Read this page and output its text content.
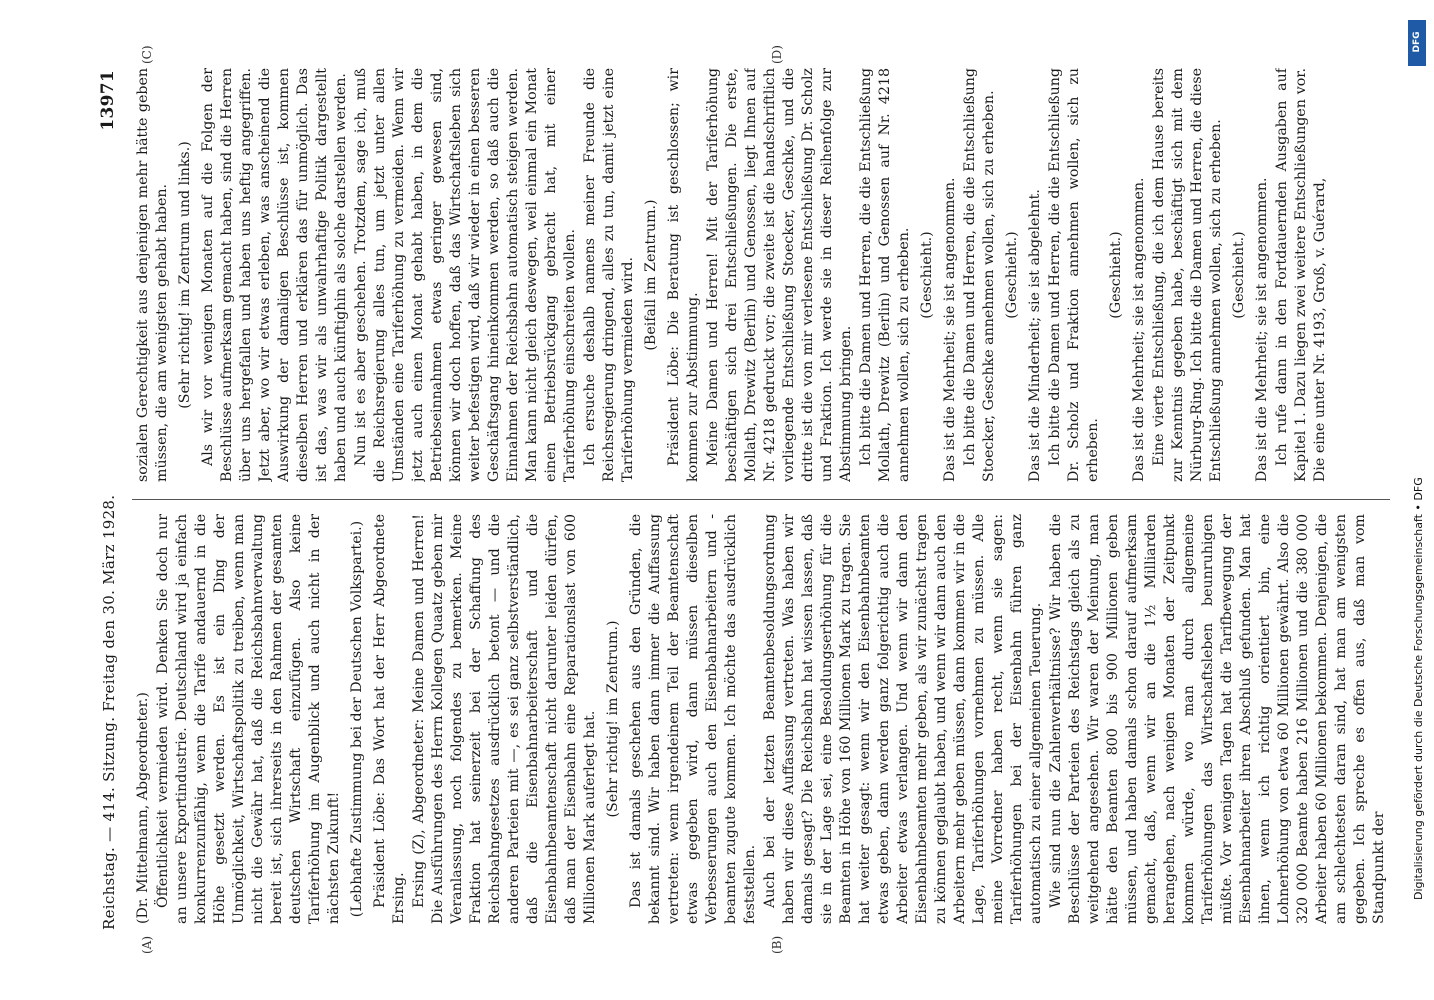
Reichstag. — 414. Sitzung. Freitag den 30. März 1928.
13971
(A)	(B)
(C)	(D)

(Dr. Mittelmann, Abgeordneter.) Öffentlichkeit vermieden wird. Denken Sie doch nur an unsere Exportindustrie. Deutschland wird ja einfach konkurrenzunfähig, wenn die Tarife andauernd in die Höhe gesetzt werden. Es ist ein Ding der Unmöglichkeit, Wirtschaftspolitik zu treiben, wenn man nicht die Gewähr hat, daß die Reichsbahnverwaltung bereit ist, sich ihrerseits in den Rahmen der gesamten deutschen Wirtschaft einzufügen. Also keine Tariferhöhung im Augenblick und auch nicht in der nächsten Zukunft! (Lebhafte Zustimmung bei der Deutschen Volkspartei.) Präsident Löbe: Das Wort hat der Herr Abgeordnete Ersing. Ersing (Z), Abgeordneter: Meine Damen und Herren! Die Ausführungen des Herrn Kollegen Quaatz geben mir Veranlassung, noch folgendes zu bemerken. Meine Fraktion hat seinerzeit bei der Schaffung des Reichsbahngesetzes ausdrücklich betont — und die anderen Parteien mit —, es sei ganz selbstverständlich, daß die Eisenbahnarbeiterschaft und die Eisenbahnbeamtenschaft nicht darunter leiden dürfen, daß man der Eisenbahn eine Reparationslast von 600 Millionen Mark auferlegt hat. (Sehr richtig! im Zentrum.) Das ist damals geschehen aus den Gründen, die bekannt sind. Wir haben dann immer die Auffassung vertreten: wenn irgendeinem Teil der Beamtenschaft etwas gegeben wird, dann müssen dieselben Verbesserungen auch den Eisenbahnarbeitern und -beamten zugute kommen. Ich möchte das ausdrücklich feststellen. Auch bei der letzten Beamtenbesoldungsordnung haben wir diese Auffassung vertreten. Was haben wir damals gesagt? Die Reichsbahn hat wissen lassen, daß sie in der Lage sei, eine Besoldungserhöhung für die Beamten in Höhe von 160 Millionen Mark zu tragen. Sie hat weiter gesagt: wenn wir den Eisenbahnbeamten etwas geben, dann werden ganz folgerichtig auch die Arbeiter etwas verlangen. Und wenn wir dann den Eisenbahnbeamten mehr geben, als wir zunächst tragen zu können geglaubt haben, und wenn wir dann auch den Arbeitern mehr geben müssen, dann kommen wir in die Lage, Tariferhöhungen vornehmen zu müssen. Alle meine Vorredner haben recht, wenn sie sagen: Tariferhöhungen bei der Eisenbahn führen ganz automatisch zu einer allgemeinen Teuerung. Wie sind nun die Zahlenverhältnisse? Wir haben die Beschlüsse der Parteien des Reichstags gleich als zu weitgehend angesehen. Wir waren der Meinung, man hätte den Beamten 800 bis 900 Millionen geben müssen, und haben damals schon darauf aufmerksam gemacht, daß, wenn wir an die 1½ Milliarden herangehen, nach wenigen Monaten der Zeitpunkt kommen würde, wo man durch allgemeine Tariferhöhungen das Wirtschaftsleben beunruhigen müßte. Vor wenigen Tagen hat die Tarifbewegung der Eisenbahnarbeiter ihren Abschluß gefunden. Man hat ihnen, wenn ich richtig orientiert bin, eine Lohnerhöhung von etwa 60 Millionen gewährt. Also die 320 000 Beamte haben 216 Millionen und die 380 000 Arbeiter haben 60 Millionen bekommen. Denjenigen, die am schlechtesten daran sind, hat man am wenigsten gegeben. Ich spreche es offen aus, daß man vom Standpunkt der

sozialen Gerechtigkeit aus denjenigen mehr hätte geben müssen, die am wenigsten gehabt haben. (Sehr richtig! im Zentrum und links.) Als wir vor wenigen Monaten auf die Folgen der Beschlüsse aufmerksam gemacht haben, sind die Herren über uns hergefallen und haben uns heftig angegriffen. Jetzt aber, wo wir etwas erleben, was anscheinend die Auswirkung der damaligen Beschlüsse ist, kommen dieselben Herren und erklären das für unmöglich. Das ist das, was wir als unwahrhaftige Politik dargestellt haben und auch künftighin als solche darstellen werden. Nun ist es aber geschehen. Trotzdem, sage ich, muß die Reichsregierung alles tun, um jetzt unter allen Umständen eine Tariferhöhung zu vermeiden. Wenn wir jetzt auch einen Monat gehabt haben, in dem die Betriebseinnahmen etwas geringer gewesen sind, können wir doch hoffen, daß das Wirtschaftsleben sich weiter befestigen wird, daß wir wieder in einen besseren Geschäftsgang hineinkommen werden, so daß auch die Einnahmen der Reichsbahn automatisch steigen werden. Man kann nicht gleich deswegen, weil einmal ein Monat einen Betriebsrückgang gebracht hat, mit einer Tariferhöhung einschreiten wollen. Ich ersuche deshalb namens meiner Freunde die Reichsregierung dringend, alles zu tun, damit jetzt eine Tariferhöhung vermieden wird. (Beifall im Zentrum.) Präsident Löbe: Die Beratung ist geschlossen; wir kommen zur Abstimmung. Meine Damen und Herren! Mit der Tariferhöhung beschäftigen sich drei Entschließungen. Die erste, Mollath, Drewitz (Berlin) und Genossen, liegt Ihnen auf Nr. 4218 gedruckt vor; die zweite ist die handschriftlich vorliegende Entschließung Stoecker, Geschke, und die dritte ist die von mir verlesene Entschließung Dr. Scholz und Fraktion. Ich werde sie in dieser Reihenfolge zur Abstimmung bringen. Ich bitte die Damen und Herren, die die Entschließung Mollath, Drewitz (Berlin) und Genossen auf Nr. 4218 annehmen wollen, sich zu erheben. (Geschieht.) Das ist die Mehrheit; sie ist angenommen. Ich bitte die Damen und Herren, die die Entschließung Stoecker, Geschke annehmen wollen, sich zu erheben. (Geschieht.) Das ist die Minderheit; sie ist abgelehnt. Ich bitte die Damen und Herren, die die Entschließung Dr. Scholz und Fraktion annehmen wollen, sich zu erheben.

(Geschieht.) Das ist die Mehrheit; sie ist angenommen. Eine vierte Entschließung, die ich dem Hause bereits zur Kenntnis gegeben habe, beschäftigt sich mit dem Nürburg-Ring. Ich bitte die Damen und Herren, die diese Entschließung annehmen wollen, sich zu erheben. (Geschieht.) Das ist die Mehrheit; sie ist angenommen. Ich rufe dann in den Fortdauernden Ausgaben auf Kapitel 1. Dazu liegen zwei weitere Entschließungen vor. Die eine unter Nr. 4193, Groß, v. Guérard,

DFG
Digitalisierung gefördert durch die Deutsche Forschungsgemeinschaft • DFG
